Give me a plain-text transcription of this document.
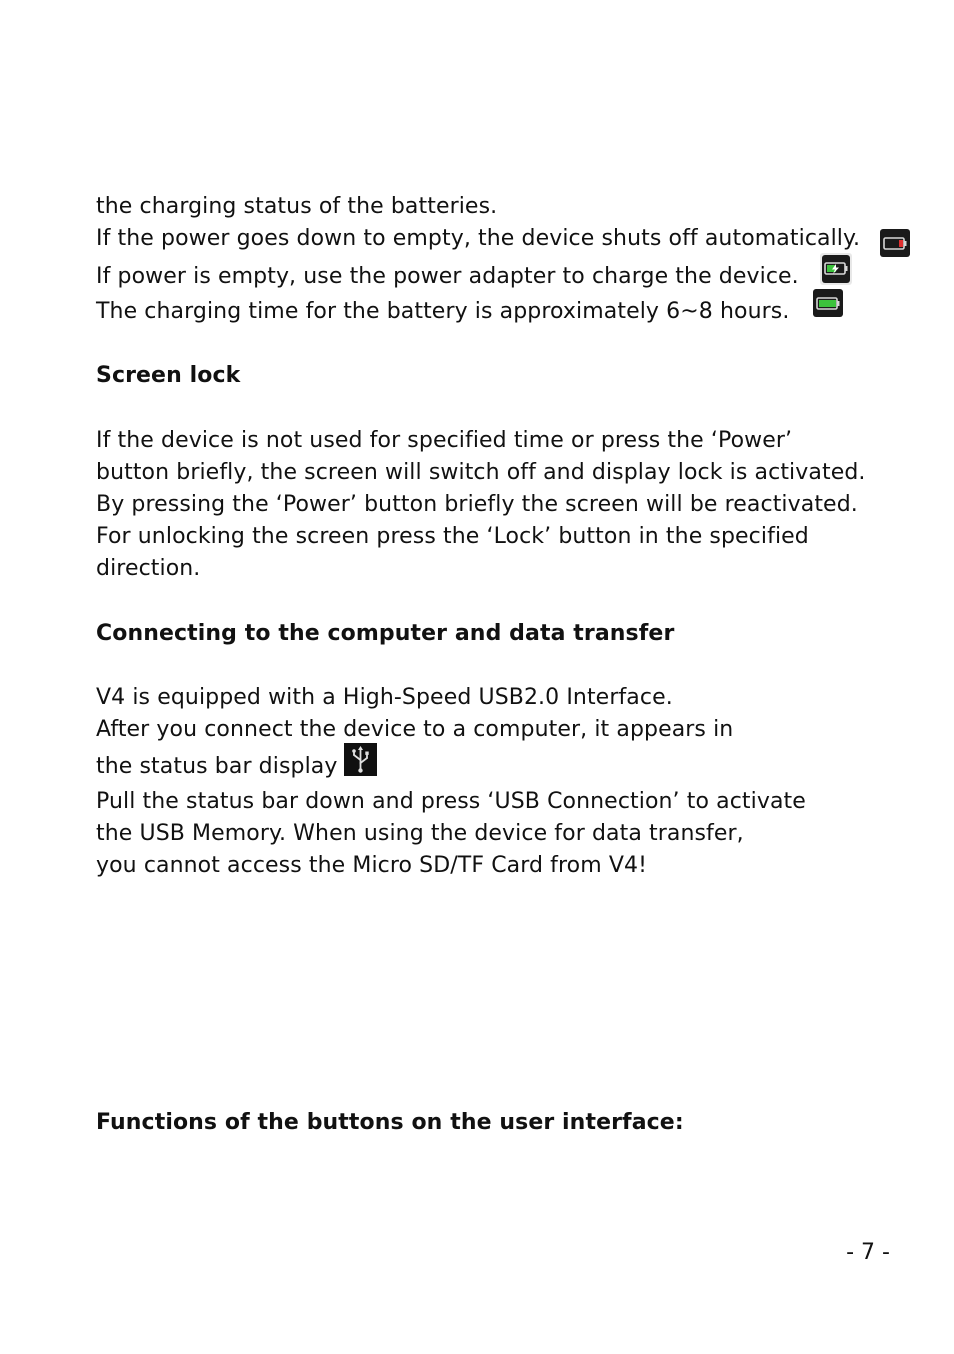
the charging status of the batteries.
If the power goes down to empty, the device shuts off automatically.
If power is empty, use the power adapter to charge the device.
The charging time for the battery is approximately 6~8 hours.
Screen lock
If the device is not used for specified time or press the ‘Power’
button briefly, the screen will switch off and display lock is activated.
By pressing the ‘Power’ button briefly the screen will be reactivated.
For unlocking the screen press the ‘Lock’ button in the specified
direction.
Connecting to the computer and data transfer
V4 is equipped with a High-Speed USB2.0 Interface.
After you connect the device to a computer, it appears in
the status bar display
Pull the status bar down and press ‘USB Connection’ to activate
the USB Memory. When using the device for data transfer,
you cannot access the Micro SD/TF Card from V4!
Functions of the buttons on the user interface:
- 7 -
